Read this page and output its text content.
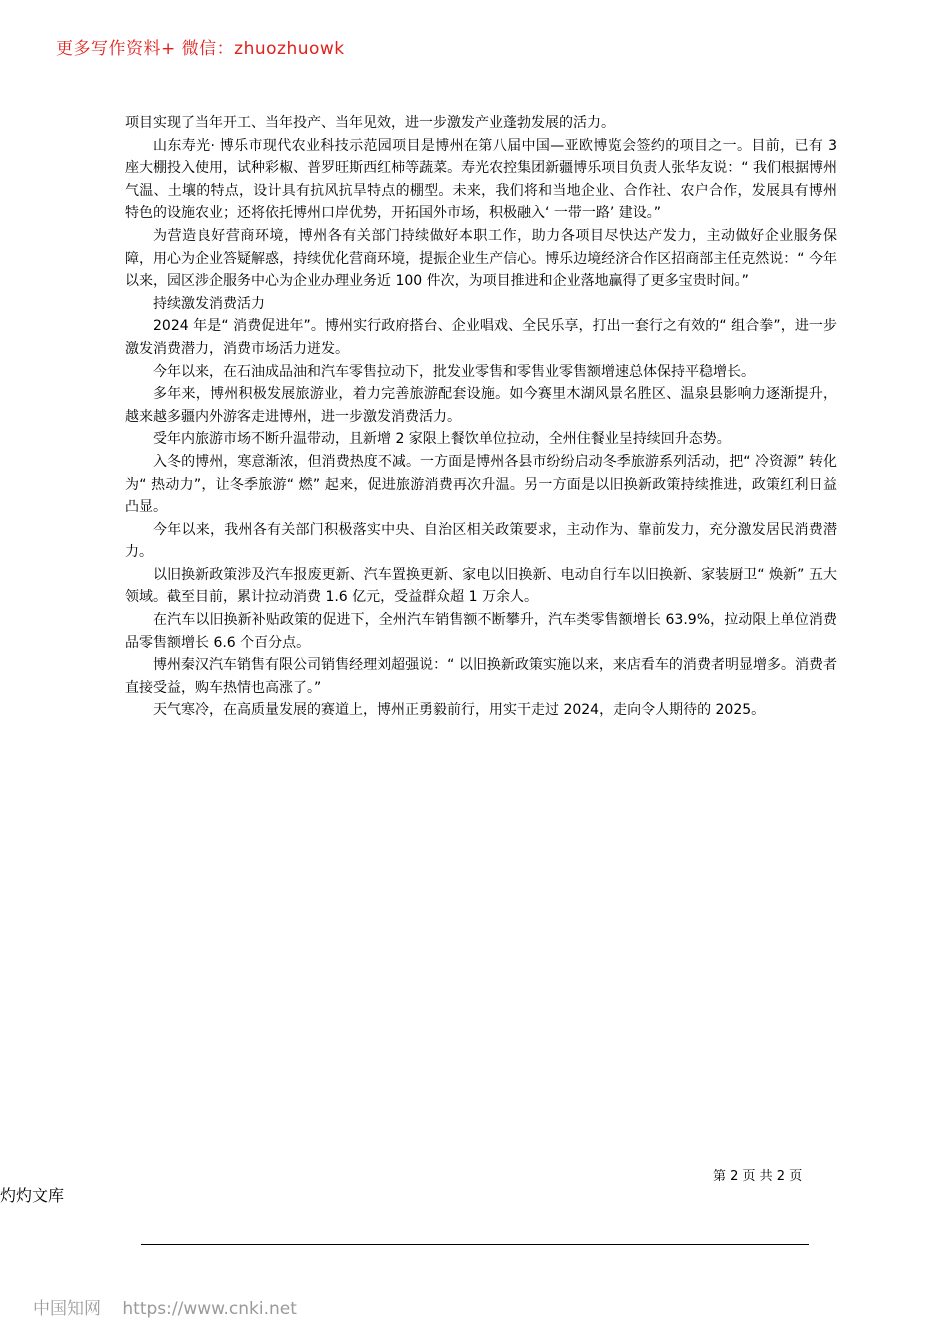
更多写作资料+ 微信：zhuozhuowk

项目实现了当年开工、当年投产、当年见效，进一步激发产业蓬勃发展的活力。

山东寿光· 博乐市现代农业科技示范园项目是博州在第八届中国—亚欧博览会签约的项目之一。目前，已有 3 座大棚投入使用，试种彩椒、普罗旺斯西红柿等蔬菜。寿光农控集团新疆博乐项目负责人张华友说：“ 我们根据博州气温、土壤的特点，设计具有抗风抗旱特点的棚型。未来，我们将和当地企业、合作社、农户合作，发展具有博州特色的设施农业；还将依托博州口岸优势，开拓国外市场，积极融入‘ 一带一路’ 建设。”

为营造良好营商环境，博州各有关部门持续做好本职工作，助力各项目尽快达产发力，主动做好企业服务保障，用心为企业答疑解惑，持续优化营商环境，提振企业生产信心。博乐边境经济合作区招商部主任克然说：“ 今年以来，园区涉企服务中心为企业办理业务近 100 件次，为项目推进和企业落地赢得了更多宝贵时间。”

持续激发消费活力

2024 年是“ 消费促进年”。博州实行政府搭台、企业唱戏、全民乐享，打出一套行之有效的“ 组合拳”，进一步激发消费潜力，消费市场活力迸发。

今年以来，在石油成品油和汽车零售拉动下，批发业零售和零售业零售额增速总体保持平稳增长。

多年来，博州积极发展旅游业，着力完善旅游配套设施。如今赛里木湖风景名胜区、温泉县影响力逐渐提升，越来越多疆内外游客走进博州，进一步激发消费活力。

受年内旅游市场不断升温带动，且新增 2 家限上餐饮单位拉动，全州住餐业呈持续回升态势。

入冬的博州，寒意渐浓，但消费热度不减。一方面是博州各县市纷纷启动冬季旅游系列活动，把“ 冷资源” 转化为“ 热动力”，让冬季旅游“ 燃” 起来，促进旅游消费再次升温。另一方面是以旧换新政策持续推进，政策红利日益凸显。

今年以来，我州各有关部门积极落实中央、自治区相关政策要求，主动作为、靠前发力，充分激发居民消费潜力。

以旧换新政策涉及汽车报废更新、汽车置换更新、家电以旧换新、电动自行车以旧换新、家装厨卫“ 焕新” 五大领域。截至目前，累计拉动消费 1.6 亿元，受益群众超 1 万余人。

在汽车以旧换新补贴政策的促进下，全州汽车销售额不断攀升，汽车类零售额增长 63.9%，拉动限上单位消费品零售额增长 6.6 个百分点。

博州秦汉汽车销售有限公司销售经理刘超强说：“ 以旧换新政策实施以来，来店看车的消费者明显增多。消费者直接受益，购车热情也高涨了。”

天气寒冷，在高质量发展的赛道上，博州正勇毅前行，用实干走过 2024，走向令人期待的 2025。

第 2 页 共 2 页
灼灼文库
中国知网 https://www.cnki.net
